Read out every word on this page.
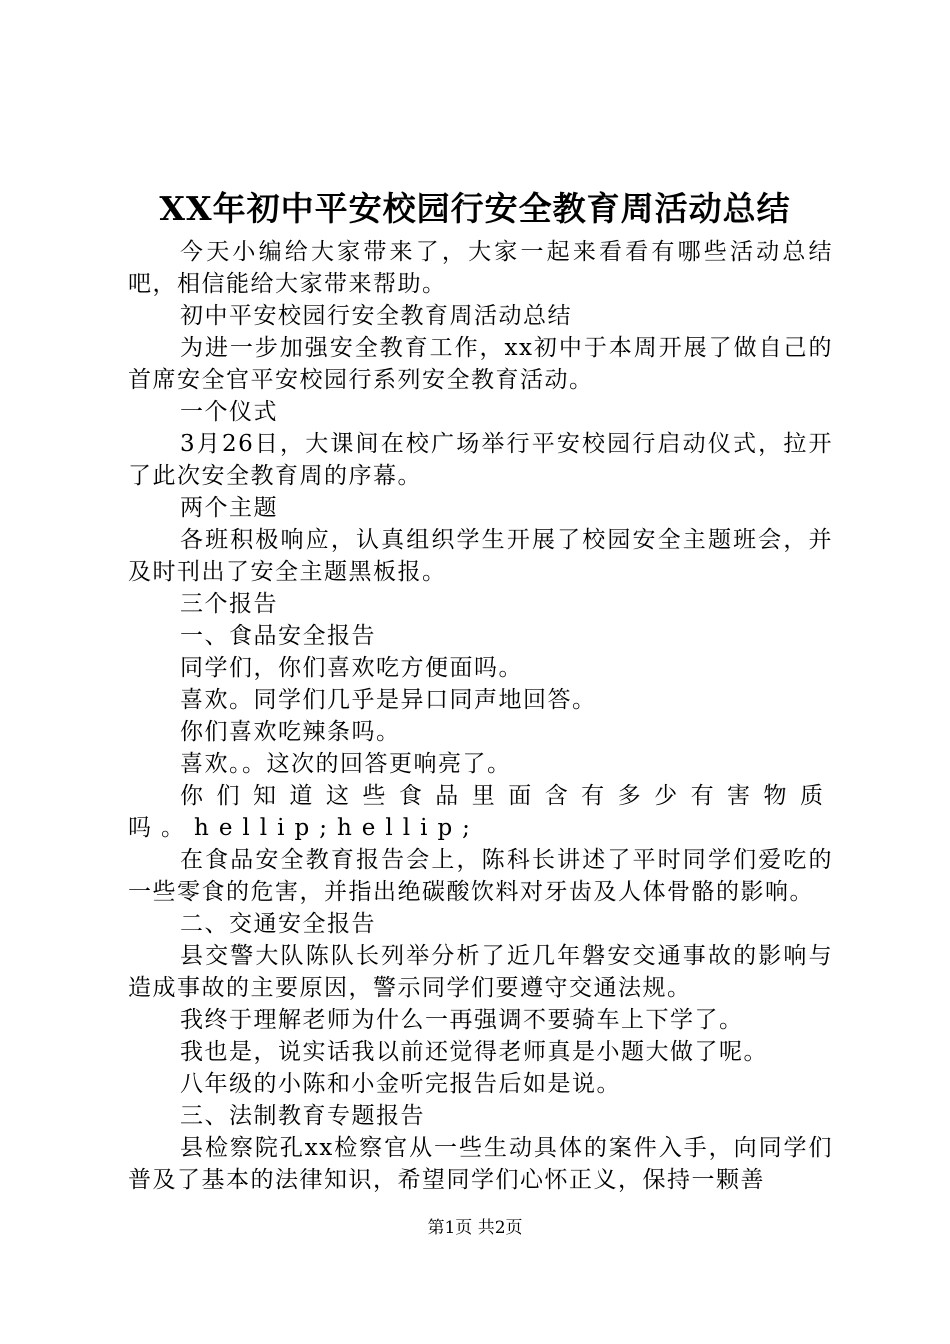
XX年初中平安校园行安全教育周活动总结

今天小编给大家带来了，大家一起来看看有哪些活动总结吧，相信能给大家带来帮助。

初中平安校园行安全教育周活动总结

为进一步加强安全教育工作，xx初中于本周开展了做自己的首席安全官平安校园行系列安全教育活动。

一个仪式

3月26日，大课间在校广场举行平安校园行启动仪式，拉开了此次安全教育周的序幕。

两个主题

各班积极响应，认真组织学生开展了校园安全主题班会，并及时刊出了安全主题黑板报。

三个报告

一、食品安全报告

同学们，你们喜欢吃方便面吗。

喜欢。同学们几乎是异口同声地回答。

你们喜欢吃辣条吗。

喜欢。。这次的回答更响亮了。

你们知道这些食品里面含有多少有害物质吗。hellip;hellip;

在食品安全教育报告会上，陈科长讲述了平时同学们爱吃的一些零食的危害，并指出绝碳酸饮料对牙齿及人体骨骼的影响。

二、交通安全报告

县交警大队陈队长列举分析了近几年磐安交通事故的影响与造成事故的主要原因，警示同学们要遵守交通法规。

我终于理解老师为什么一再强调不要骑车上下学了。

我也是，说实话我以前还觉得老师真是小题大做了呢。

八年级的小陈和小金听完报告后如是说。

三、法制教育专题报告

县检察院孔xx检察官从一些生动具体的案件入手，向同学们普及了基本的法律知识，希望同学们心怀正义，保持一颗善

第1页 共2页
